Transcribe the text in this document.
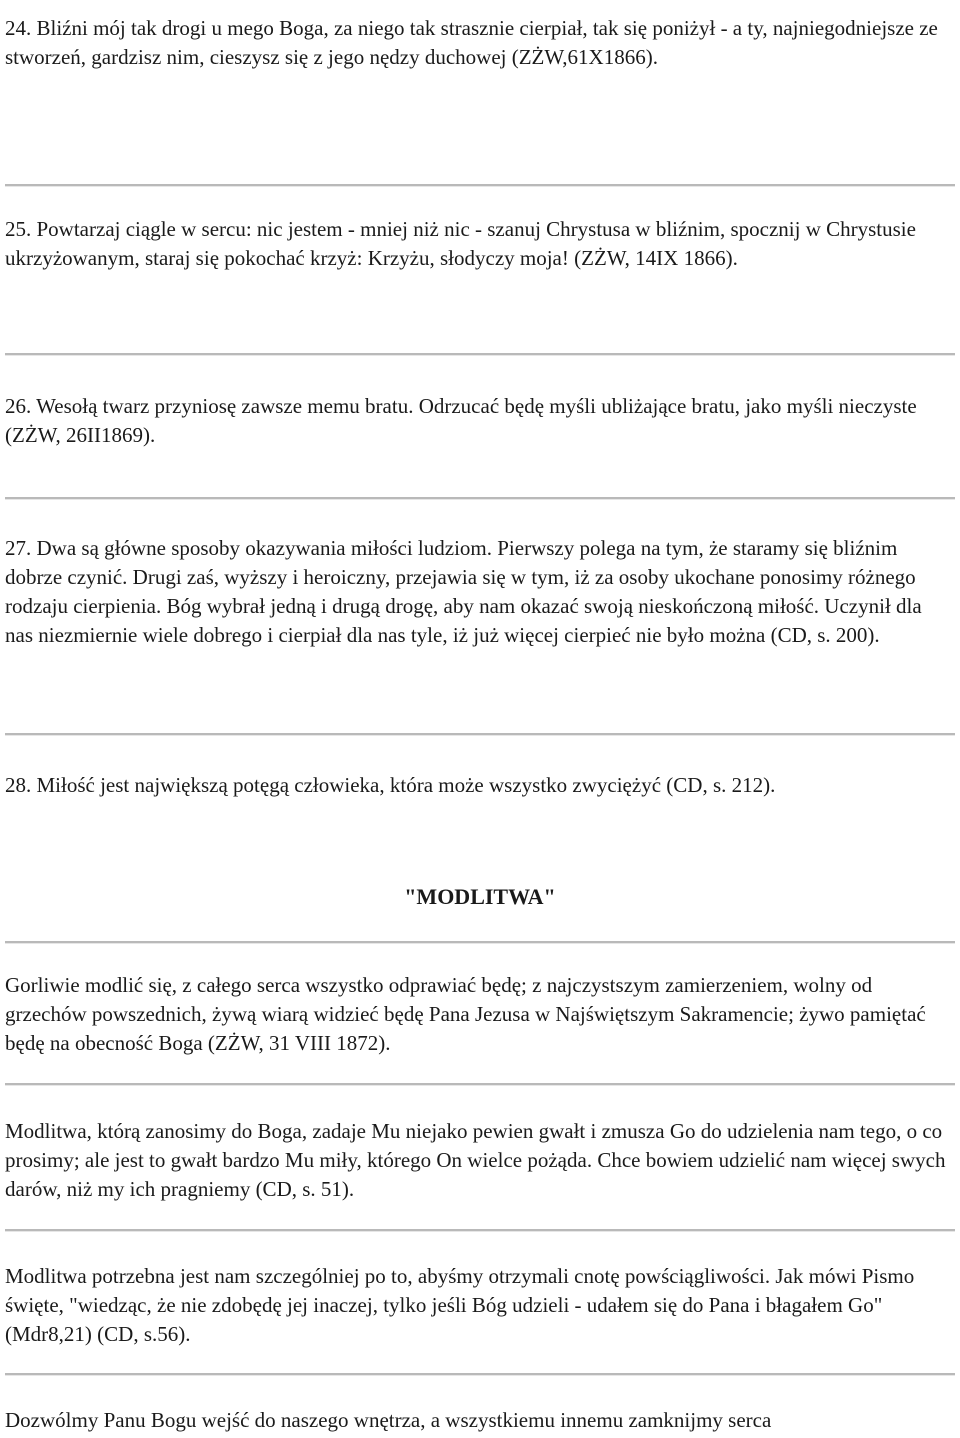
24. Bliźni mój tak drogi u mego Boga, za niego tak strasznie cierpiał, tak się poniżył - a ty, najniegodniejsze ze stworzeń, gardzisz nim, cieszysz się z jego nędzy duchowej (ZŻW,61X1866).

25. Powtarzaj ciągle w sercu: nic jestem - mniej niż nic - szanuj Chrystusa w bliźnim, spocznij w Chrystusie ukrzyżowanym, staraj się pokochać krzyż: Krzyżu, słodyczy moja! (ZŻW, 14IX 1866).

26. Wesołą twarz przyniosę zawsze memu bratu. Odrzucać będę myśli ubliżające bratu, jako myśli nieczyste (ZŻW, 26II1869).

27. Dwa są główne sposoby okazywania miłości ludziom. Pierwszy polega na tym, że staramy się bliźnim dobrze czynić. Drugi zaś, wyższy i heroiczny, przejawia się w tym, iż za osoby ukochane ponosimy różnego rodzaju cierpienia. Bóg wybrał jedną i drugą drogę, aby nam okazać swoją nieskończoną miłość. Uczynił dla nas niezmiernie wiele dobrego i cierpiał dla nas tyle, iż już więcej cierpieć nie było można (CD, s. 200).

28. Miłość jest największą potęgą człowieka, która może wszystko zwyciężyć (CD, s. 212).

"MODLITWA"

Gorliwie modlić się, z całego serca wszystko odprawiać będę; z najczystszym zamierzeniem, wolny od grzechów powszednich, żywą wiarą widzieć będę Pana Jezusa w Najświętszym Sakramencie; żywo pamiętać będę na obecność Boga (ZŻW, 31 VIII 1872).

Modlitwa, którą zanosimy do Boga, zadaje Mu niejako pewien gwałt i zmusza Go do udzielenia nam tego, o co prosimy; ale jest to gwałt bardzo Mu miły, którego On wielce pożąda. Chce bowiem udzielić nam więcej swych darów, niż my ich pragniemy (CD, s. 51).

Modlitwa potrzebna jest nam szczególniej po to, abyśmy otrzymali cnotę powściągliwości. Jak mówi Pismo święte, "wiedząc, że nie zdobędę jej inaczej, tylko jeśli Bóg udzieli - udałem się do Pana i błagałem Go" (Mdr8,21) (CD, s.56).

Dozwólmy Panu Bogu wejść do naszego wnętrza, a wszystkiemu innemu zamknijmy serca
